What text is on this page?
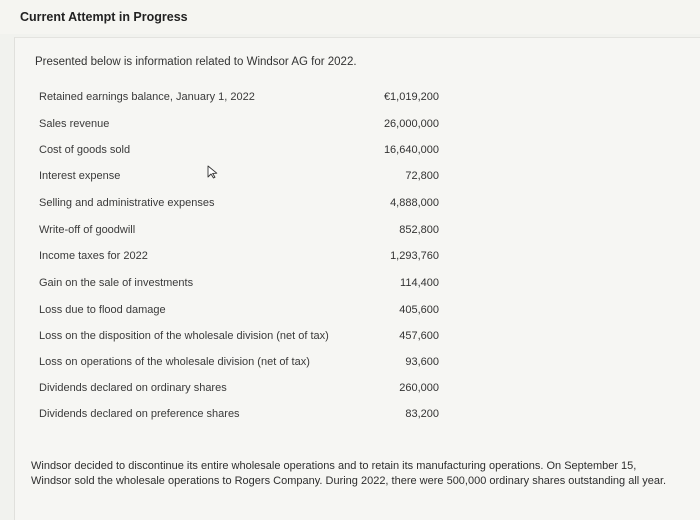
Current Attempt in Progress
Presented below is information related to Windsor AG for 2022.
Retained earnings balance, January 1, 2022	€1,019,200
Sales revenue	26,000,000
Cost of goods sold	16,640,000
Interest expense	72,800
Selling and administrative expenses	4,888,000
Write-off of goodwill	852,800
Income taxes for 2022	1,293,760
Gain on the sale of investments	114,400
Loss due to flood damage	405,600
Loss on the disposition of the wholesale division (net of tax)	457,600
Loss on operations of the wholesale division (net of tax)	93,600
Dividends declared on ordinary shares	260,000
Dividends declared on preference shares	83,200
Windsor decided to discontinue its entire wholesale operations and to retain its manufacturing operations. On September 15,
Windsor sold the wholesale operations to Rogers Company. During 2022, there were 500,000 ordinary shares outstanding all year.
